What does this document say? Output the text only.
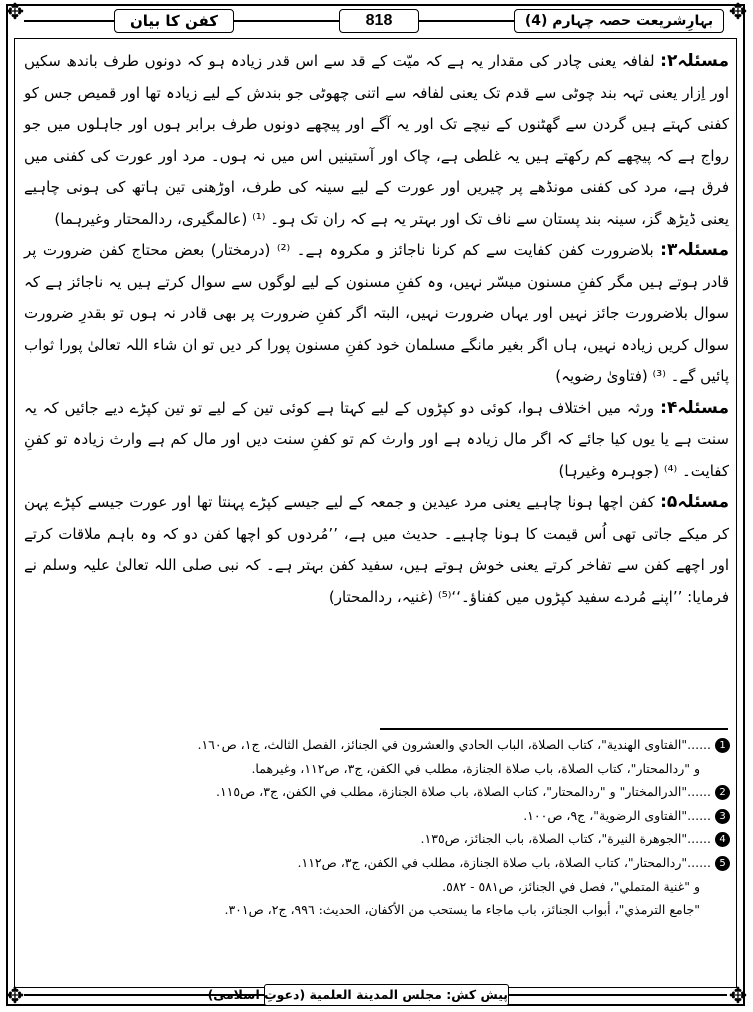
✥	✥
✥	✥
کفن کا بیان	818	بہارِشریعت حصہ چہارم (4)

مسئلہ۲: لفافہ یعنی چادر کی مقدار یہ ہے کہ میّت کے قد سے اس قدر زیادہ ہو کہ دونوں طرف باندھ سکیں اور اِزار یعنی تہہ بند چوٹی سے قدم تک یعنی لفافہ سے اتنی چھوٹی جو بندش کے لیے زیادہ تھا اور قمیص جس کو کفنی کہتے ہیں گردن سے گھٹنوں کے نیچے تک اور یہ آگے اور پیچھے دونوں طرف برابر ہوں اور جاہلوں میں جو رواج ہے کہ پیچھے کم رکھتے ہیں یہ غلطی ہے، چاک اور آستینیں اس میں نہ ہوں۔ مرد اور عورت کی کفنی میں فرق ہے، مرد کی کفنی مونڈھے پر چیریں اور عورت کے لیے سینہ کی طرف، اوڑھنی تین ہاتھ کی ہونی چاہیے یعنی ڈیڑھ گز، سینہ بند پستان سے ناف تک اور بہتر یہ ہے کہ ران تک ہو۔ ⁽¹⁾ (عالمگیری، ردالمحتار وغیرہما)

مسئلہ۳: بلاضرورت کفن کفایت سے کم کرنا ناجائز و مکروہ ہے۔ ⁽²⁾ (درمختار) بعض محتاج کفن ضرورت پر قادر ہوتے ہیں مگر کفنِ مسنون میسّر نہیں، وہ کفنِ مسنون کے لیے لوگوں سے سوال کرتے ہیں یہ ناجائز ہے کہ سوال بلاضرورت جائز نہیں اور یہاں ضرورت نہیں، البتہ اگر کفنِ ضرورت پر بھی قادر نہ ہوں تو بقدرِ ضرورت سوال کریں زیادہ نہیں، ہاں اگر بغیر مانگے مسلمان خود کفنِ مسنون پورا کر دیں تو ان شاء اللہ تعالیٰ پورا ثواب پائیں گے۔ ⁽³⁾ (فتاویٰ رضویہ)

مسئلہ۴: ورثہ میں اختلاف ہوا، کوئی دو کپڑوں کے لیے کہتا ہے کوئی تین کے لیے تو تین کپڑے دیے جائیں کہ یہ سنت ہے یا یوں کیا جائے کہ اگر مال زیادہ ہے اور وارث کم تو کفنِ سنت دیں اور مال کم ہے وارث زیادہ تو کفنِ کفایت۔ ⁽⁴⁾ (جوہرہ وغیرہا)

مسئلہ۵: کفن اچھا ہونا چاہیے یعنی مرد عیدین و جمعہ کے لیے جیسے کپڑے پہنتا تھا اور عورت جیسے کپڑے پہن کر میکے جاتی تھی اُس قیمت کا ہونا چاہیے۔ حدیث میں ہے، ’’مُردوں کو اچھا کفن دو کہ وہ باہم ملاقات کرتے اور اچھے کفن سے تفاخر کرتے یعنی خوش ہوتے ہیں، سفید کفن بہتر ہے۔ کہ نبی صلی اللہ تعالیٰ علیہ وسلم نے فرمایا: ’’اپنے مُردے سفید کپڑوں میں کفناؤ۔‘‘⁽⁵⁾ (غنیہ، ردالمحتار)

1......"الفتاوى الهندية"، كتاب الصلاة، الباب الحادي والعشرون في الجنائز، الفصل الثالث، ج١، ص١٦٠.

و "ردالمحتار"، كتاب الصلاة، باب صلاة الجنازة، مطلب في الكفن، ج٣، ص١١٢، وغيرهما.

2......"الدرالمختار" و "ردالمحتار"، كتاب الصلاة، باب صلاة الجنازة، مطلب في الكفن، ج٣، ص١١٥.

3......"الفتاوى الرضوية"، ج٩، ص١٠٠.

4......"الجوهرة النيرة"، كتاب الصلاة، باب الجنائز، ص١٣٥.

5......"ردالمحتار"، كتاب الصلاة، باب صلاة الجنازة، مطلب في الكفن، ج٣، ص١١٢.

و "غنية المتملي"، فصل في الجنائز، ص٥٨١ - ٥٨٢.

"جامع الترمذي"، أبواب الجنائز، باب ماجاء ما يستحب من الأكفان، الحديث: ٩٩٦، ج٢، ص٣٠١.

پیش کش: مجلس المدينة العلمية (دعوتِ اسلامی)
